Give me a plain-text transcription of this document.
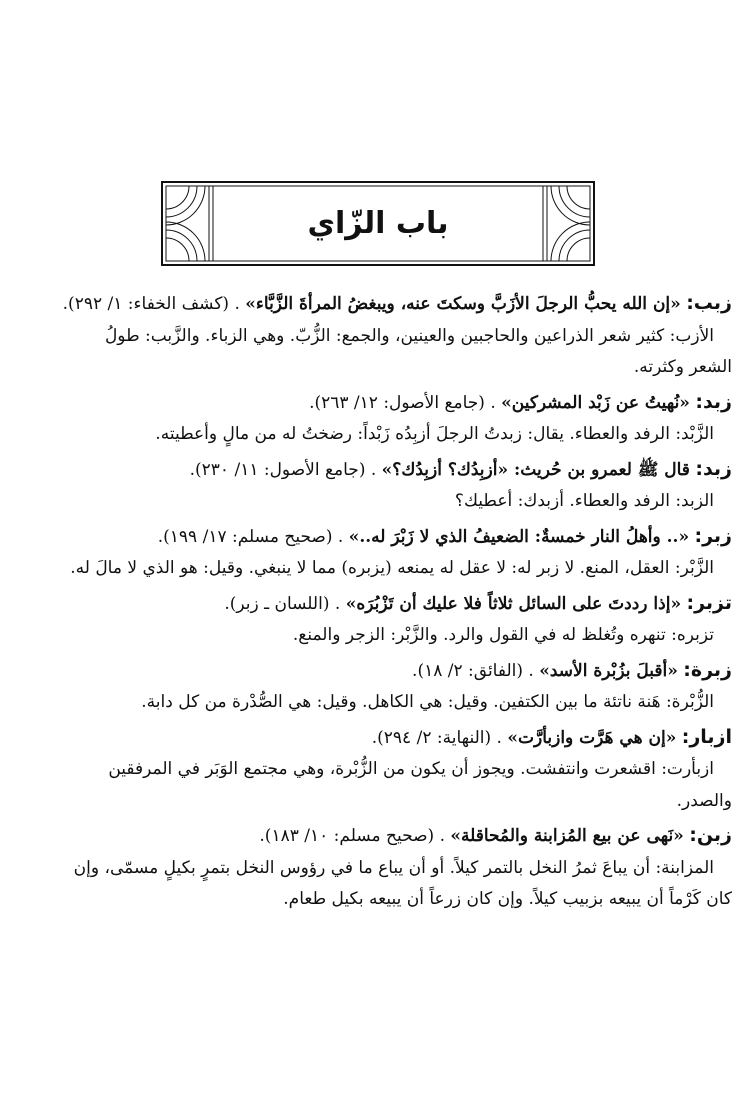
باب الزّاي

زبب: «إن الله يحبُّ الرجلَ الأزَبَّ وسكتَ عنه، ويبغضُ المرأةَ الزَّبَّاء» . (كشف الخفاء: ١/ ٢٩٢).

الأزب: كثير شعر الذراعين والحاجبين والعينين، والجمع: الزُّبّ. وهي الزباء. والزَّبب: طولُ الشعر وكثرته.

زبد: «نُهيتُ عن زَبْد المشركين» . (جامع الأصول: ١٢/ ٢٦٣).

الزَّبْد: الرفد والعطاء. يقال: زبدتُ الرجلَ أزبِدُه زَبْداً: رضختُ له من مالٍ وأعطيته.

زبد: قال ﷺ لعمرو بن حُريث: «أزبِدُك؟ أزبِدُك؟» . (جامع الأصول: ١١/ ٢٣٠).

الزبد: الرفد والعطاء. أزبدك: أعطيك؟

زبر: «.. وأهلُ النار خمسةٌ: الضعيفُ الذي لا زَبْرَ له..» . (صحيح مسلم: ١٧/ ١٩٩).

الزَّبْر: العقل، المنع. لا زبر له: لا عقل له يمنعه (يزبره) مما لا ينبغي. وقيل: هو الذي لا مالَ له.

تزبر: «إذا رددتَ على السائل ثلاثاً فلا عليك أن تَزْبُرَه» . (اللسان ـ زبر).

تزبره: تنهره وتُغلظ له في القول والرد. والزَّبْر: الزجر والمنع.

زبرة: «أقبلَ بزُبْرة الأسد» . (الفائق: ٢/ ١٨).

الزُّبْرة: هَنة ناتئة ما بين الكتفين. وقيل: هي الكاهل. وقيل: هي الصُّدْرة من كل دابة.

ازبار: «إن هي هَرَّت وازبأرَّت» . (النهاية: ٢/ ٢٩٤).

ازبأرت: اقشعرت وانتفشت. ويجوز أن يكون من الزُّبْرة، وهي مجتمع الوَبَر في المرفقين والصدر.

زبن: «نَهى عن بيع المُزابنة والمُحاقلة» . (صحيح مسلم: ١٠/ ١٨٣).

المزابنة: أن يباعَ ثمرُ النخل بالتمر كيلاً. أو أن يباع ما في رؤوس النخل بتمرٍ بكيلٍ مسمّى، وإن كان كَرْماً أن يبيعه بزبيب كيلاً. وإن كان زرعاً أن يبيعه بكيل طعام.
